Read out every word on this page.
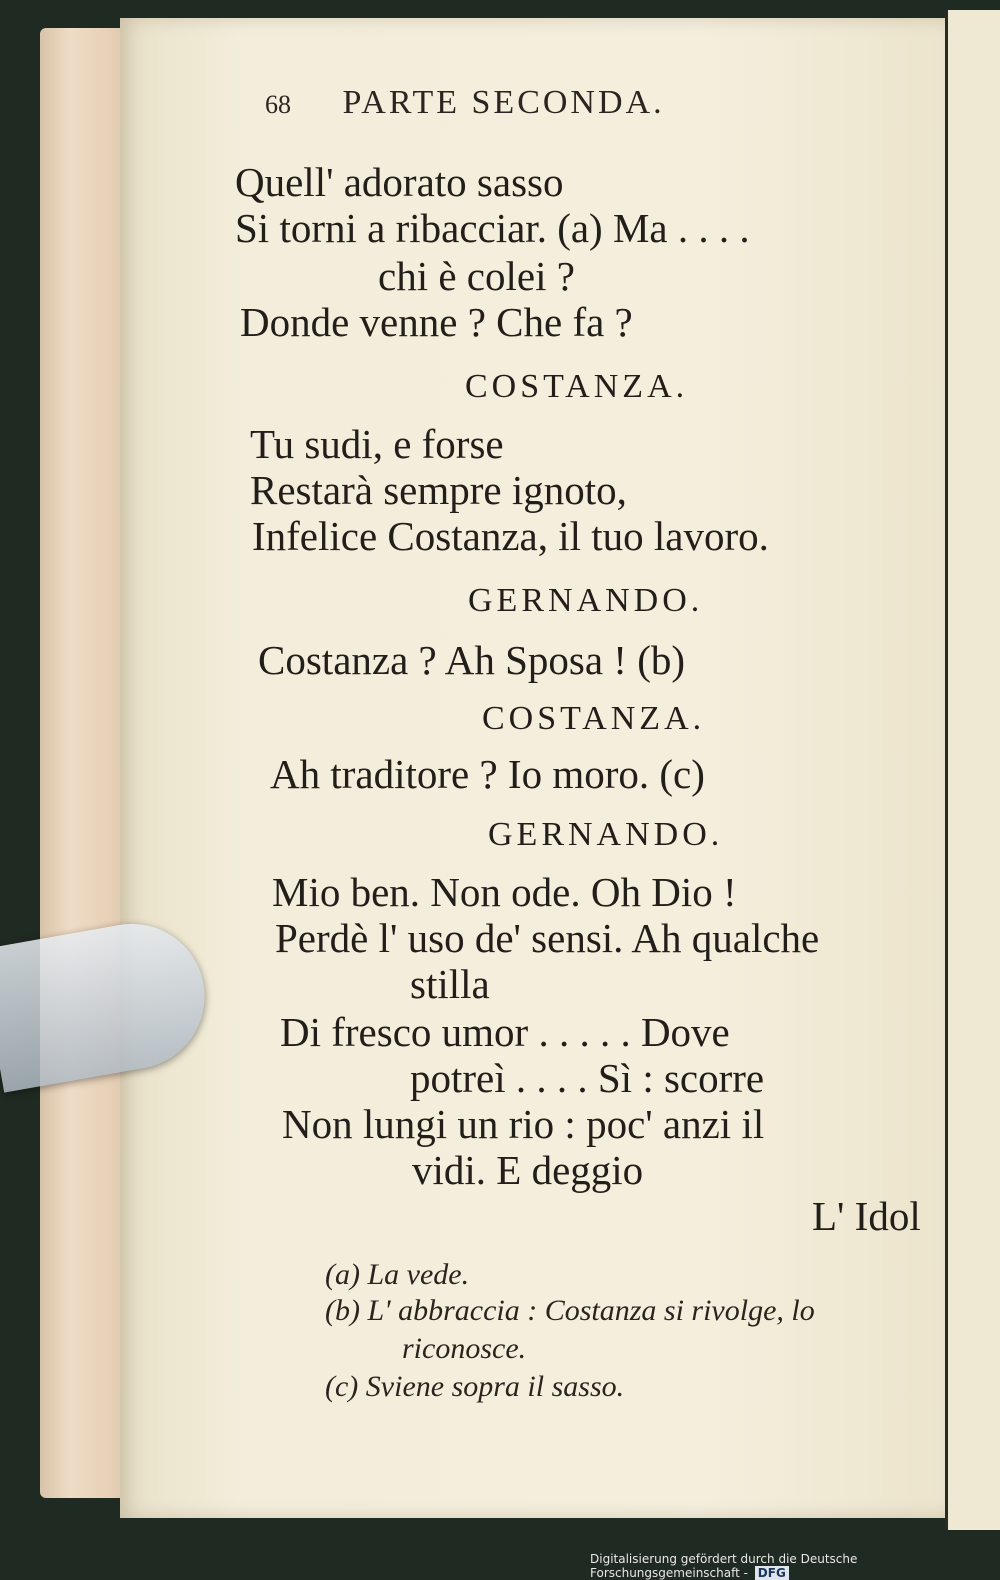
68 PARTE SECONDA.
Quell' adorato sasso
Si torni a ribacciar. (a) Ma . . . .
chi è colei ?
Donde venne ? Che fa ?
COSTANZA.
Tu sudi, e forse
Restarà sempre ignoto,
Infelice Costanza, il tuo lavoro.
GERNANDO.
Costanza ? Ah Sposa ! (b)
COSTANZA.
Ah traditore ? Io moro. (c)
GERNANDO.
Mio ben. Non ode. Oh Dio !
Perdè l' uso de' sensi. Ah qualche
stilla
Di fresco umor . . . . . Dove
potreì . . . . Sì : scorre
Non lungi un rio : poc' anzi il
vidi. E deggio
L' Idol
(a) La vede.
(b) L' abbraccia : Costanza si rivolge, lo
riconosce.
(c) Sviene sopra il sasso.
Digitalisierung gefördert durch die Deutsche Forschungsgemeinschaft - DFG
